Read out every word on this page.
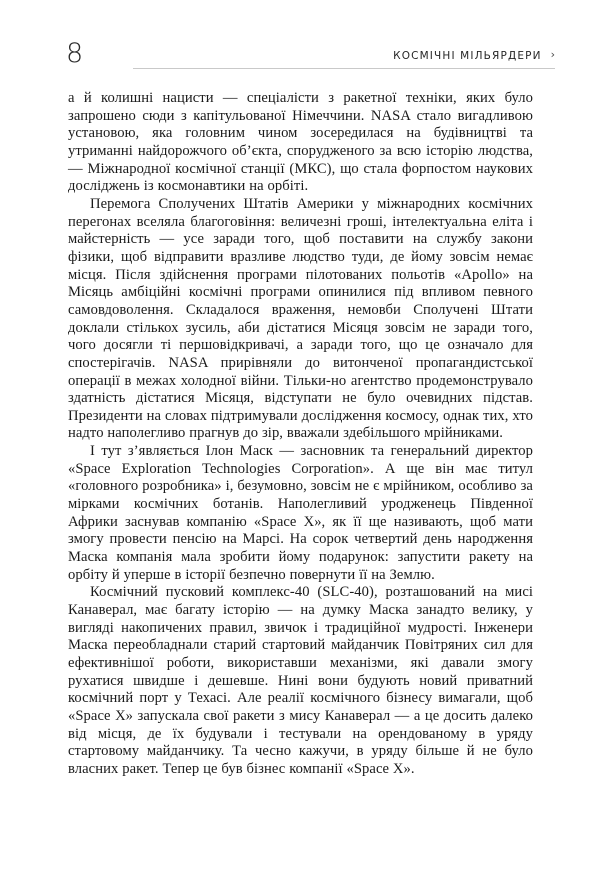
8	КОСМІЧНІ МІЛЬЯРДЕРИ ›

а й колишні нацисти — спеціалісти з ракетної техніки, яких було запрошено сюди з капітульованої Німеччини. NASA стало вигадливою установою, яка головним чином зосередилася на будівництві та утриманні найдорожчого об’єкта, спорудженого за всю історію людства,— Міжнародної космічної станції (МКС), що стала форпостом наукових досліджень із космонавтики на орбіті.

Перемога Сполучених Штатів Америки у міжнародних космічних перегонах вселяла благоговіння: величезні гроші, інтелектуальна еліта і майстерність — усе заради того, щоб поставити на службу закони фізики, щоб відправити вразливе людство туди, де йому зовсім немає місця. Після здійснення програми пілотованих польотів «Apollo» на Місяць амбіційні космічні програми опинилися під впливом певного самовдоволення. Складалося враження, немовби Сполучені Штати доклали стількох зусиль, аби дістатися Місяця зовсім не заради того, чого досягли ті першовідкривачі, а заради того, що це означало для спостерігачів. NASA прирівняли до витонченої пропагандистської операції в межах холодної війни. Тільки-но агентство продемонструвало здатність дістатися Місяця, відступати не було очевидних підстав. Президенти на словах підтримували дослідження космосу, однак тих, хто надто наполегливо прагнув до зір, вважали здебільшого мрійниками.

І тут з’являється Ілон Маск — засновник та генеральний директор «Space Exploration Technologies Corporation». А ще він має титул «головного розробника» і, безумовно, зовсім не є мрійником, особливо за мірками космічних ботанів. Наполегливий уродженець Південної Африки заснував компанію «Space X», як її ще називають, щоб мати змогу провести пенсію на Марсі. На сорок четвертий день народження Маска компанія мала зробити йому подарунок: запустити ракету на орбіту й уперше в історії безпечно повернути її на Землю.

Космічний пусковий комплекс-40 (SLC-40), розташований на мисі Канаверал, має багату історію — на думку Маска занадто велику, у вигляді накопичених правил, звичок і традиційної мудрості. Інженери Маска переобладнали старий стартовий майданчик Повітряних сил для ефективнішої роботи, використавши механізми, які давали змогу рухатися швидше і дешевше. Нині вони будують новий приватний космічний порт у Техасі. Але реалії космічного бізнесу вимагали, щоб «Space X» запускала свої ракети з мису Канаверал — а це досить далеко від місця, де їх будували і тестували на орендованому в уряду стартовому майданчику. Та чесно кажучи, в уряду більше й не було власних ракет. Тепер це був бізнес компанії «Space X».
